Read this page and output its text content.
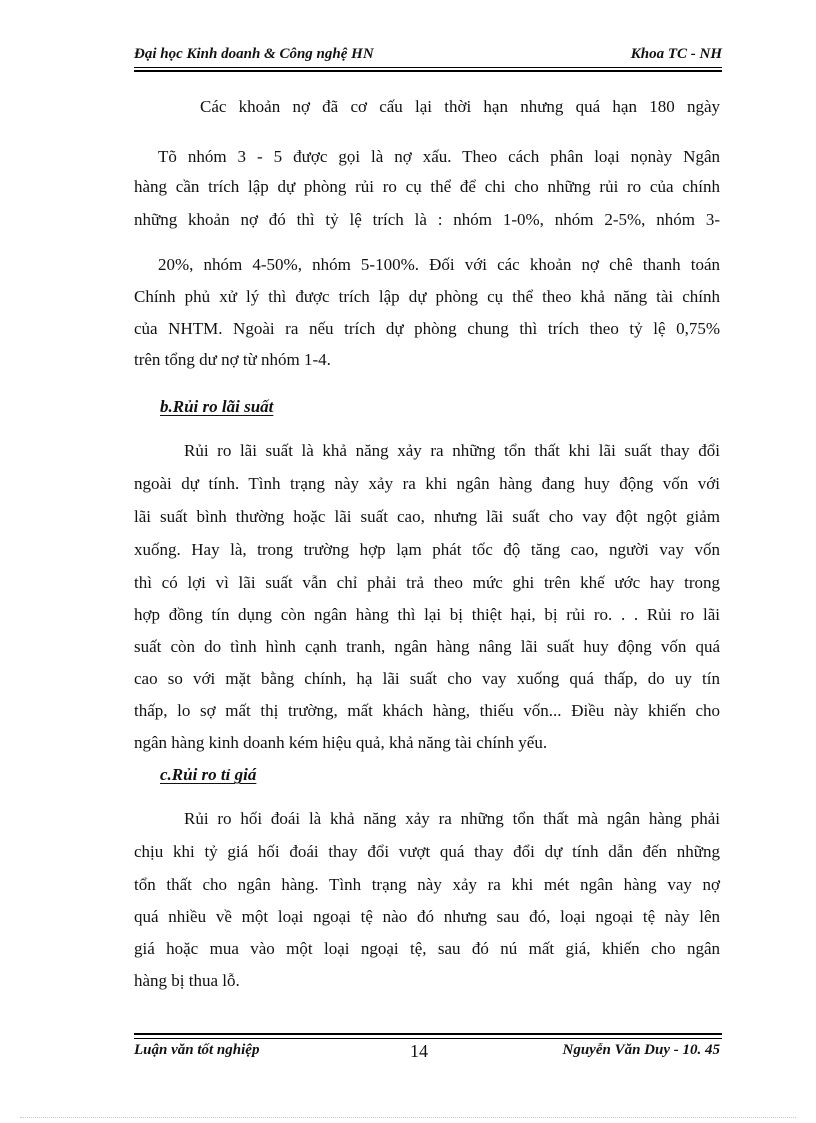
Đại học Kinh doanh & Công nghệ HN	Khoa TC - NH
Các khoản nợ đã cơ cấu lại thời hạn nhưng quá hạn 180 ngày
Tõ nhóm 3 - 5 được gọi là nợ xấu. Theo cách phân loại nọnày Ngân
hàng cần trích lập dự phòng rủi ro cụ thể để chi cho những rủi ro của chính
những khoản nợ đó thì tỷ lệ trích là : nhóm 1-0%, nhóm 2-5%, nhóm 3-
20%, nhóm 4-50%, nhóm 5-100%. Đối với các khoản nợ chê thanh toán
Chính phủ xử lý thì được trích lập dự phòng cụ thể theo khả năng tài chính
của NHTM. Ngoài ra nếu trích dự phòng chung thì trích theo tỷ lệ 0,75%
trên tổng dư nợ từ nhóm 1-4.
b.Rủi ro lãi suất
Rủi ro lãi suất là khả năng xảy ra những tổn thất khi lãi suất thay đổi
ngoài dự tính. Tình trạng này xảy ra khi ngân hàng đang huy động vốn với
lãi suất bình thường hoặc lãi suất cao, nhưng lãi suất cho vay đột ngột giảm
xuống. Hay là, trong trường hợp lạm phát tốc độ tăng cao, người vay vốn
thì có lợi vì lãi suất vẫn chỉ phải trả theo mức ghi trên khế ước hay trong
hợp đồng tín dụng còn ngân hàng thì lại bị thiệt hại, bị rủi ro. . . Rủi ro lãi
suất còn do tình hình cạnh tranh, ngân hàng nâng lãi suất huy động vốn quá
cao so với mặt bằng chính, hạ lãi suất cho vay xuống quá thấp, do uy tín
thấp, lo sợ mất thị trường, mất khách hàng, thiếu vốn... Điều này khiến cho
ngân hàng kinh doanh kém hiệu quả, khả năng tài chính yếu.
c.Rủi ro tỉ giá
Rủi ro hối đoái là khả năng xảy ra những tổn thất mà ngân hàng phải
chịu khi tỷ giá hối đoái thay đổi vượt quá thay đổi dự tính dẫn đến những
tổn thất cho ngân hàng. Tình trạng này xảy ra khi mét ngân hàng vay nợ
quá nhiều về một loại ngoại tệ nào đó nhưng sau đó, loại ngoại tệ này lên
giá hoặc mua vào một loại ngoại tệ, sau đó nú mất giá, khiến cho ngân
hàng bị thua lỗ.
Luận văn tốt nghiệp	14	Nguyễn Văn Duy - 10. 45
